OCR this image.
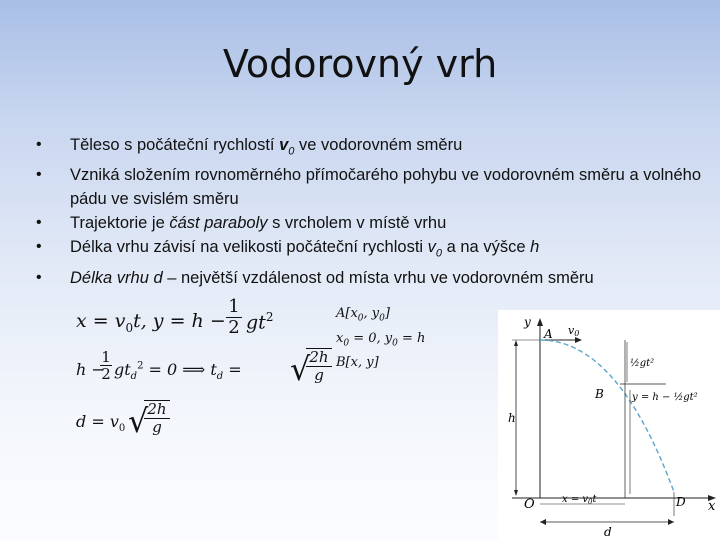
Vodorovný vrh
• Těleso s počáteční rychlostí $v_0$ ve vodorovném směru
• Vzniká složením rovnoměrného přímočarého pohybu ve vodorovném směru a volného pádu ve svislém směru
• Trajektorie je část paraboly s vrcholem v místě vrhu
• Délka vrhu závisí na velikosti počáteční rychlosti $v_0$ a na výšce h
• Délka vrhu d – největší vzdálenost od místa vrhu ve vodorovném směru
$x = v_0t$, y = h −
1
2 $gt^2$
h −
1
2 $gt_d^2 = 0$ ⟹ $t_d$ = √ 2h
g
$d = v_0$ √ 2h
g
$A[x_0$, $y_0$]
$x_0 = 0$, $y_0 = h$
B[x, y]
y
x
O
h
A v0
½gt²
B	y = h − ½gt²
D
$x = v_0t$
d
